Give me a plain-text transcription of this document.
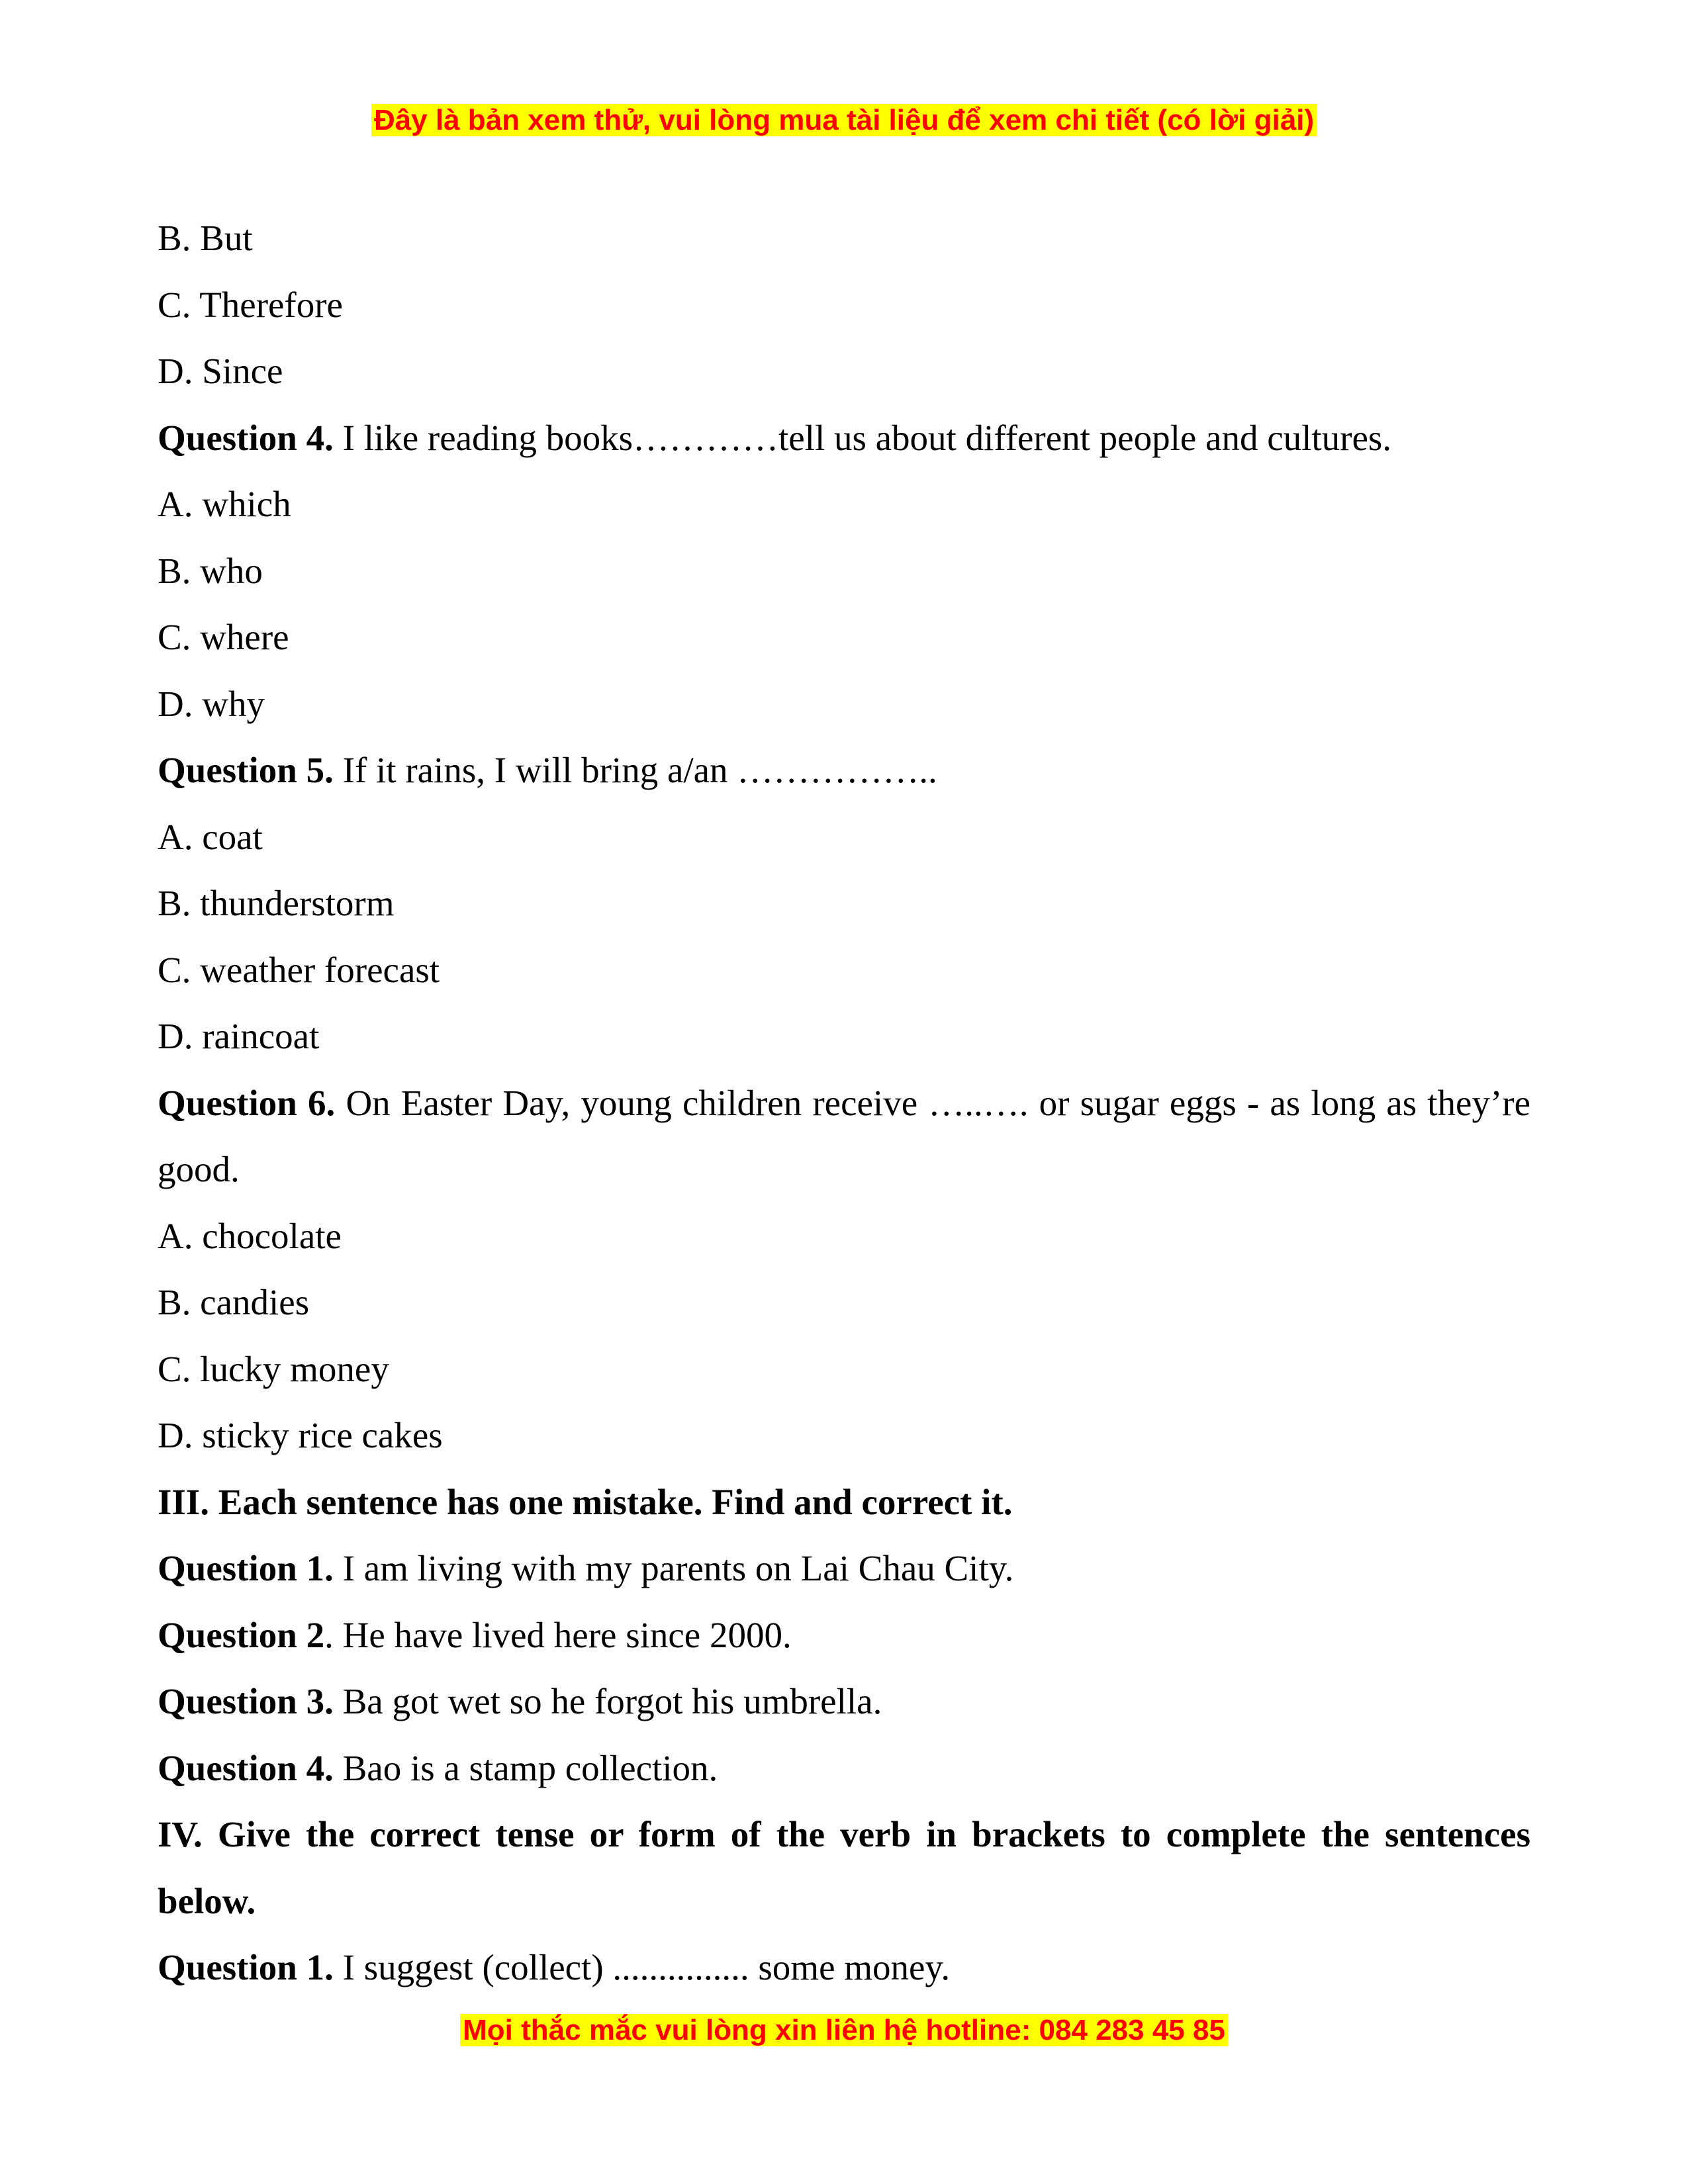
Đây là bản xem thử, vui lòng mua tài liệu để xem chi tiết (có lời giải)
B. But
C. Therefore
D. Since
Question 4. I like reading books…………tell us about different people and cultures.
A. which
B. who
C. where
D. why
Question 5. If it rains, I will bring a/an ……………..
A. coat
B. thunderstorm
C. weather forecast
D. raincoat
Question 6. On Easter Day, young children receive …..…. or sugar eggs - as long as they’re good.
A. chocolate
B. candies
C. lucky money
D. sticky rice cakes
III. Each sentence has one mistake. Find and correct it.
Question 1. I am living with my parents on Lai Chau City.
Question 2. He have lived here since 2000.
Question 3. Ba got wet so he forgot his umbrella.
Question 4. Bao is a stamp collection.
IV. Give the correct tense or form of the verb in brackets to complete the sentences below.
Question 1. I suggest (collect) ............... some money.
Mọi thắc mắc vui lòng xin liên hệ hotline: 084 283 45 85
